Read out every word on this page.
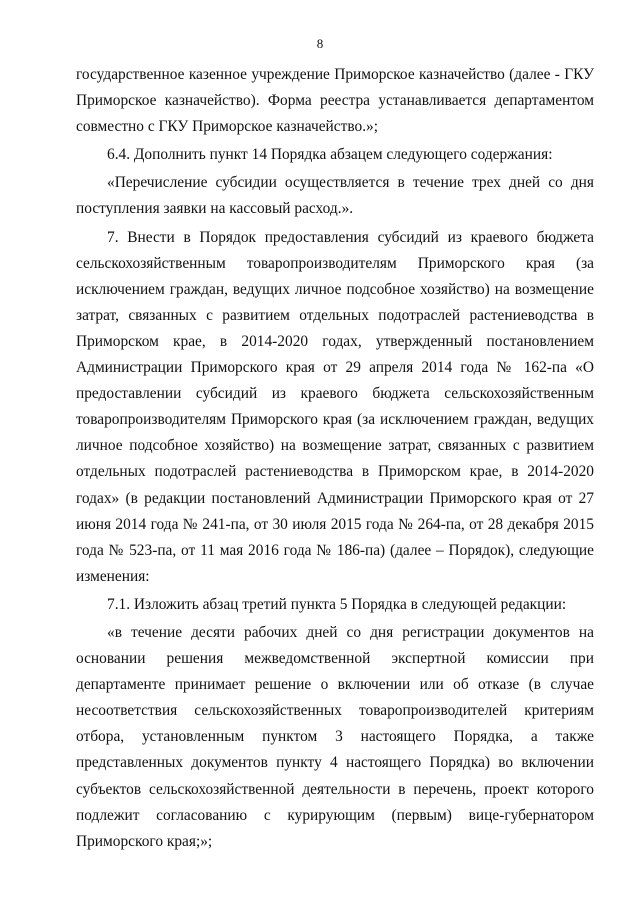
8

государственное казенное учреждение Приморское казначейство (далее - ГКУ Приморское казначейство). Форма реестра устанавливается департаментом совместно с ГКУ Приморское казначейство.»;

6.4. Дополнить пункт 14 Порядка абзацем следующего содержания:

«Перечисление субсидии осуществляется в течение трех дней со дня поступления заявки на кассовый расход.».

7. Внести в Порядок предоставления субсидий из краевого бюджета сельскохозяйственным товаропроизводителям Приморского края (за исключением граждан, ведущих личное подсобное хозяйство) на возмещение затрат, связанных с развитием отдельных подотраслей растениеводства в Приморском крае, в 2014-2020 годах, утвержденный постановлением Администрации Приморского края от 29 апреля 2014 года № 162-па «О предоставлении субсидий из краевого бюджета сельскохозяйственным товаропроизводителям Приморского края (за исключением граждан, ведущих личное подсобное хозяйство) на возмещение затрат, связанных с развитием отдельных подотраслей растениеводства в Приморском крае, в 2014-2020 годах» (в редакции постановлений Администрации Приморского края от 27 июня 2014 года № 241-па, от 30 июля 2015 года № 264-па, от 28 декабря 2015 года № 523-па, от 11 мая 2016 года № 186-па) (далее – Порядок), следующие изменения:

7.1. Изложить абзац третий пункта 5 Порядка в следующей редакции:

«в течение десяти рабочих дней со дня регистрации документов на основании решения межведомственной экспертной комиссии при департаменте принимает решение о включении или об отказе (в случае несоответствия сельскохозяйственных товаропроизводителей критериям отбора, установленным пунктом 3 настоящего Порядка, а также представленных документов пункту 4 настоящего Порядка) во включении субъектов сельскохозяйственной деятельности в перечень, проект которого подлежит согласованию с курирующим (первым) вице-губернатором Приморского края;»;
